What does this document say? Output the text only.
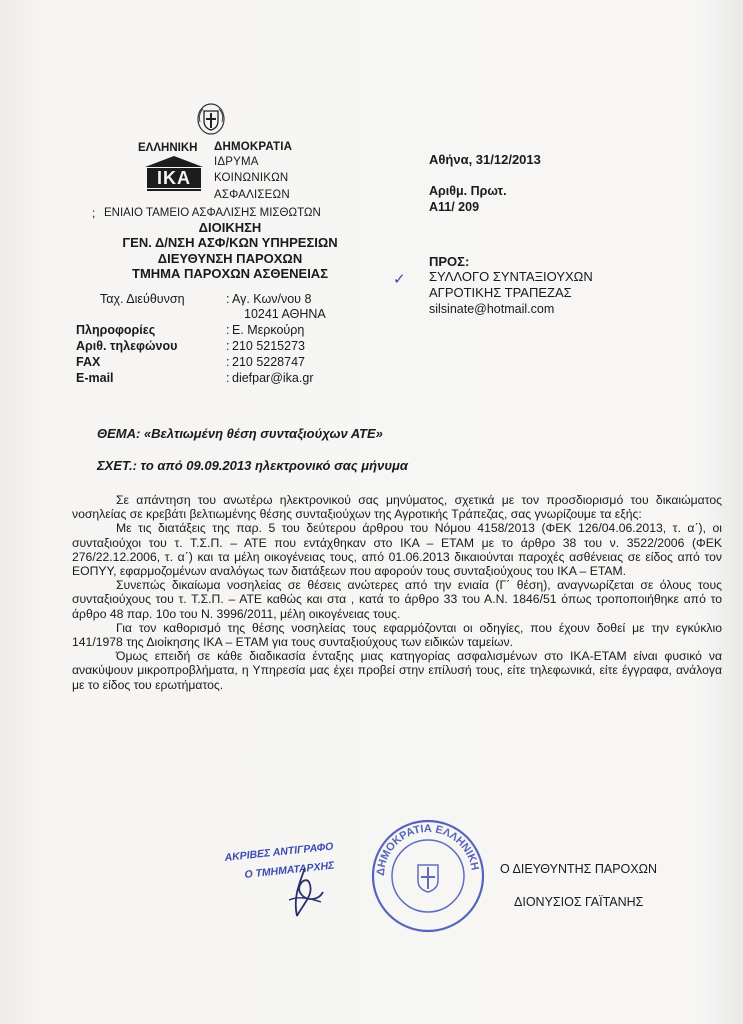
ΕΛΛΗΝΙΚΗ ΔΗΜΟΚΡΑΤΙΑ
ΙΔΡΥΜΑ
ΚΟΙΝΩΝΙΚΩΝ
ΑΣΦΑΛΙΣΕΩΝ
ΙΚΑ
; ΕΝΙΑΙΟ ΤΑΜΕΙΟ ΑΣΦΑΛΙΣΗΣ ΜΙΣΘΩΤΩΝ
ΔΙΟΙΚΗΣΗ
ΓΕΝ. Δ/ΝΣΗ ΑΣΦ/ΚΩΝ ΥΠΗΡΕΣΙΩΝ
ΔΙΕΥΘΥΝΣΗ ΠΑΡΟΧΩΝ
ΤΜΗΜΑ ΠΑΡΟΧΩΝ ΑΣΘΕΝΕΙΑΣ
Ταχ. Διεύθυνση	: Αγ. Κων/νου 8
10241 ΑΘΗΝΑ
Πληροφορίες	: Ε. Μερκούρη
Αριθ. τηλεφώνου	: 210 5215273
FAX	: 210 5228747
E-mail	: diefpar@ika.gr
Αθήνα, 31/12/2013
Αριθμ. Πρωτ.
Α11/ 209
ΠΡΟΣ:
✓ ΣΥΛΛΟΓΟ ΣΥΝΤΑΞΙΟΥΧΩΝ
ΑΓΡΟΤΙΚΗΣ ΤΡΑΠΕΖΑΣ
silsinate@hotmail.com
ΘΕΜΑ: «Βελτιωμένη θέση συνταξιούχων ΑΤΕ»
ΣΧΕΤ.: το από 09.09.2013 ηλεκτρονικό σας μήνυμα

Σε απάντηση του ανωτέρω ηλεκτρονικού σας μηνύματος, σχετικά με τον προσδιορισμό του δικαιώματος νοσηλείας σε κρεβάτι βελτιωμένης θέσης συνταξιούχων της Αγροτικής Τράπεζας, σας γνωρίζουμε τα εξής:

Με τις διατάξεις της παρ. 5 του δεύτερου άρθρου του Νόμου 4158/2013 (ΦΕΚ 126/04.06.2013, τ. α΄), οι συνταξιούχοι του τ. Τ.Σ.Π. – ΑΤΕ που εντάχθηκαν στο ΙΚΑ – ΕΤΑΜ με το άρθρο 38 του ν. 3522/2006 (ΦΕΚ 276/22.12.2006, τ. α΄) και τα μέλη οικογένειας τους, από 01.06.2013 δικαιούνται παροχές ασθένειας σε είδος από τον ΕΟΠΥΥ, εφαρμοζομένων αναλόγως των διατάξεων που αφορούν τους συνταξιούχους του ΙΚΑ – ΕΤΑΜ.

Συνεπώς δικαίωμα νοσηλείας σε θέσεις ανώτερες από την ενιαία (Γ΄ θέση), αναγνωρίζεται σε όλους τους συνταξιούχους του τ. Τ.Σ.Π. – ΑΤΕ καθώς και στα , κατά το άρθρο 33 του Α.Ν. 1846/51 όπως τροποποιήθηκε από το άρθρο 48 παρ. 10ο του Ν. 3996/2011, μέλη οικογένειας τους.

Για τον καθορισμό της θέσης νοσηλείας τους εφαρμόζονται οι οδηγίες, που έχουν δοθεί με την εγκύκλιο 141/1978 της Διοίκησης ΙΚΑ – ΕΤΑΜ για τους συνταξιούχους των ειδικών ταμείων.

Όμως επειδή σε κάθε διαδικασία ένταξης μιας κατηγορίας ασφαλισμένων στο ΙΚΑ-ΕΤΑΜ είναι φυσικό να ανακύψουν μικροπροβλήματα, η Υπηρεσία μας έχει προβεί στην επίλυσή τους, είτε τηλεφωνικά, είτε έγγραφα, ανάλογα με το είδος του ερωτήματος.

ΔΗΜΟΚΡΑΤΙΑ ΕΛΛΗΝΙΚΗ
ΑΚΡΙΒΕΣ ΑΝΤΙΓΡΑΦΟ
Ο ΤΜΗΜΑΤΑΡΧΗΣ	Ο ΔΙΕΥΘΥΝΤΗΣ ΠΑΡΟΧΩΝ
ΔΙΟΝΥΣΙΟΣ ΓΑΪΤΑΝΗΣ
